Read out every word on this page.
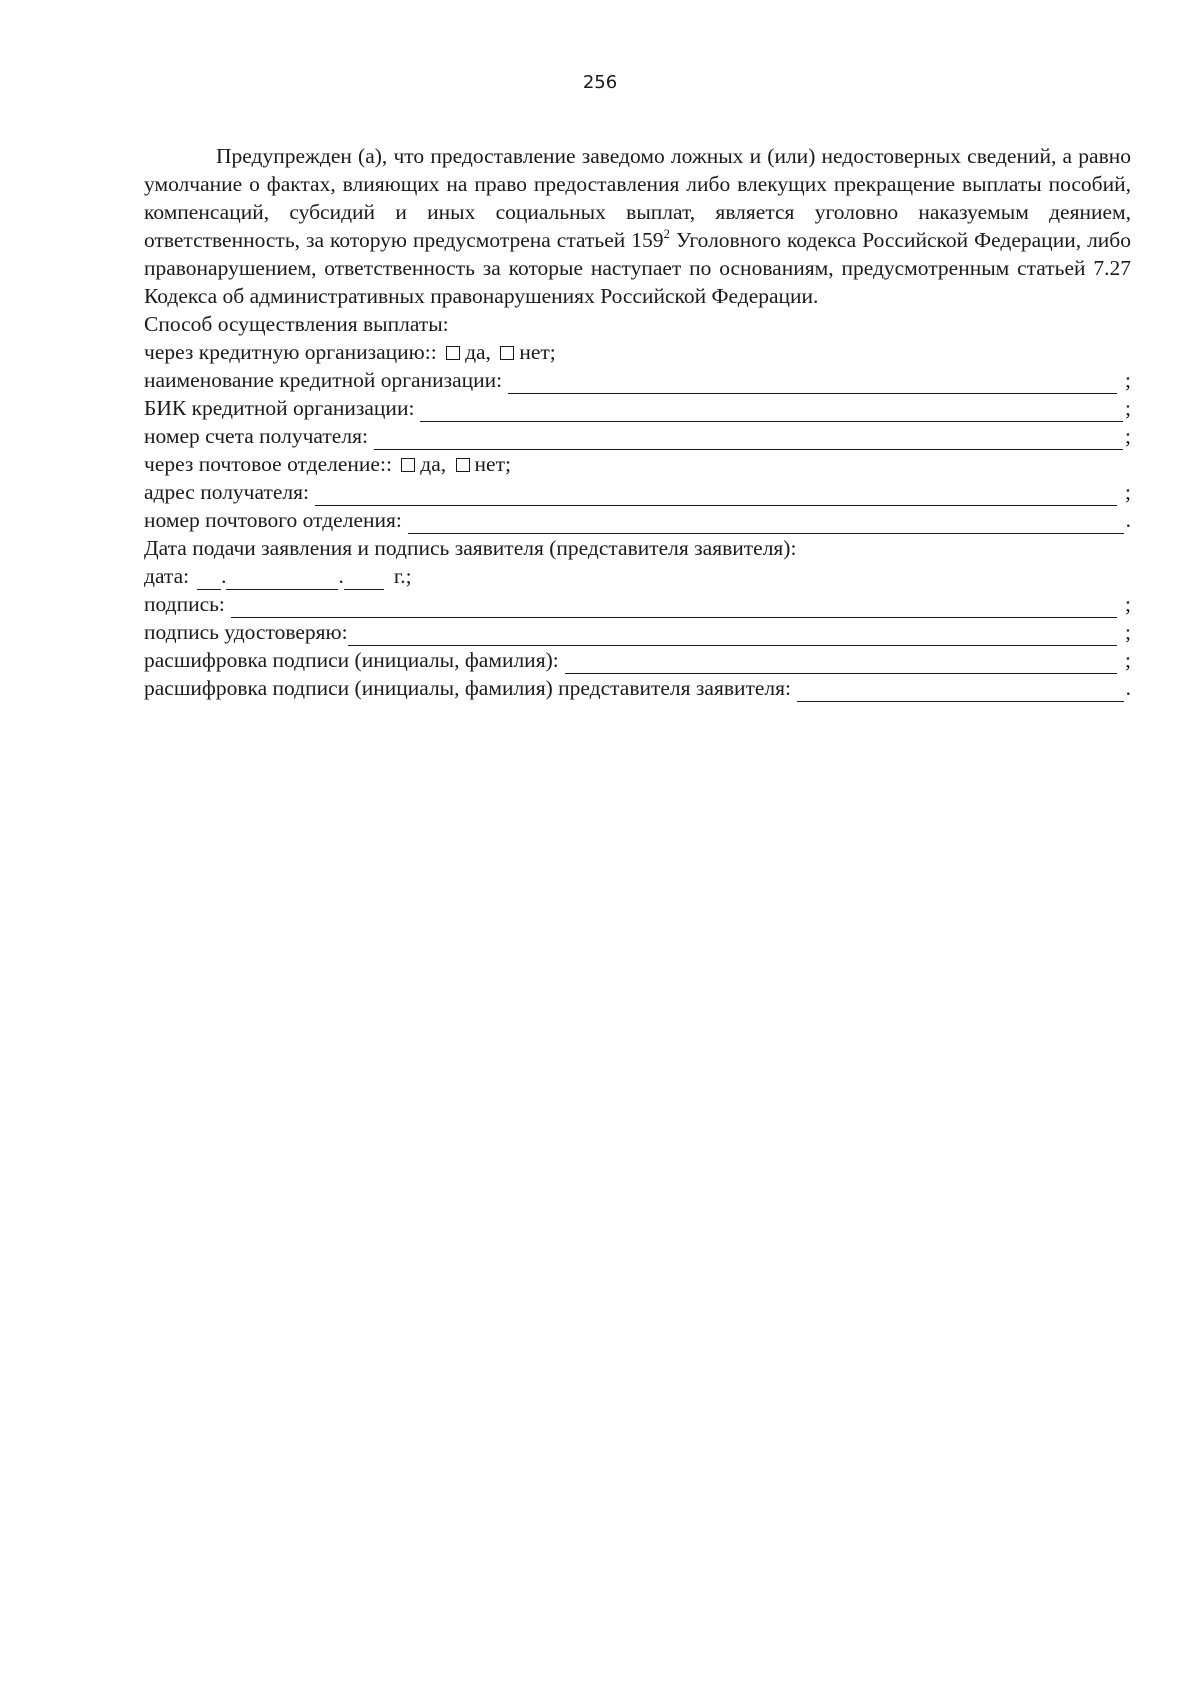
256

Предупрежден (а), что предоставление заведомо ложных и (или) недостоверных сведений, а равно умолчание о фактах, влияющих на право предоставления либо влекущих прекращение выплаты пособий, компенсаций, субсидий и иных социальных выплат, является уголовно наказуемым деянием, ответственность, за которую предусмотрена статьей $159^2$ Уголовного кодекса Российской Федерации, либо правонарушением, ответственность за которые наступает по основаниям, предусмотренным статьей 7.27 Кодекса об административных правонарушениях Российской Федерации.

Способ осуществления выплаты:
через кредитную организацию:: да, нет;
наименование кредитной организации:	;
БИК кредитной организации:	;
номер счета получателя:	;
через почтовое отделение:: да, нет;
адрес получателя:	;
номер почтового отделения:	.
Дата подачи заявления и подпись заявителя (представителя заявителя):
дата: .	. г.;
подпись:	;
подпись удостоверяю:	;
расшифровка подписи (инициалы, фамилия):	;
расшифровка подписи (инициалы, фамилия) представителя заявителя:	.
